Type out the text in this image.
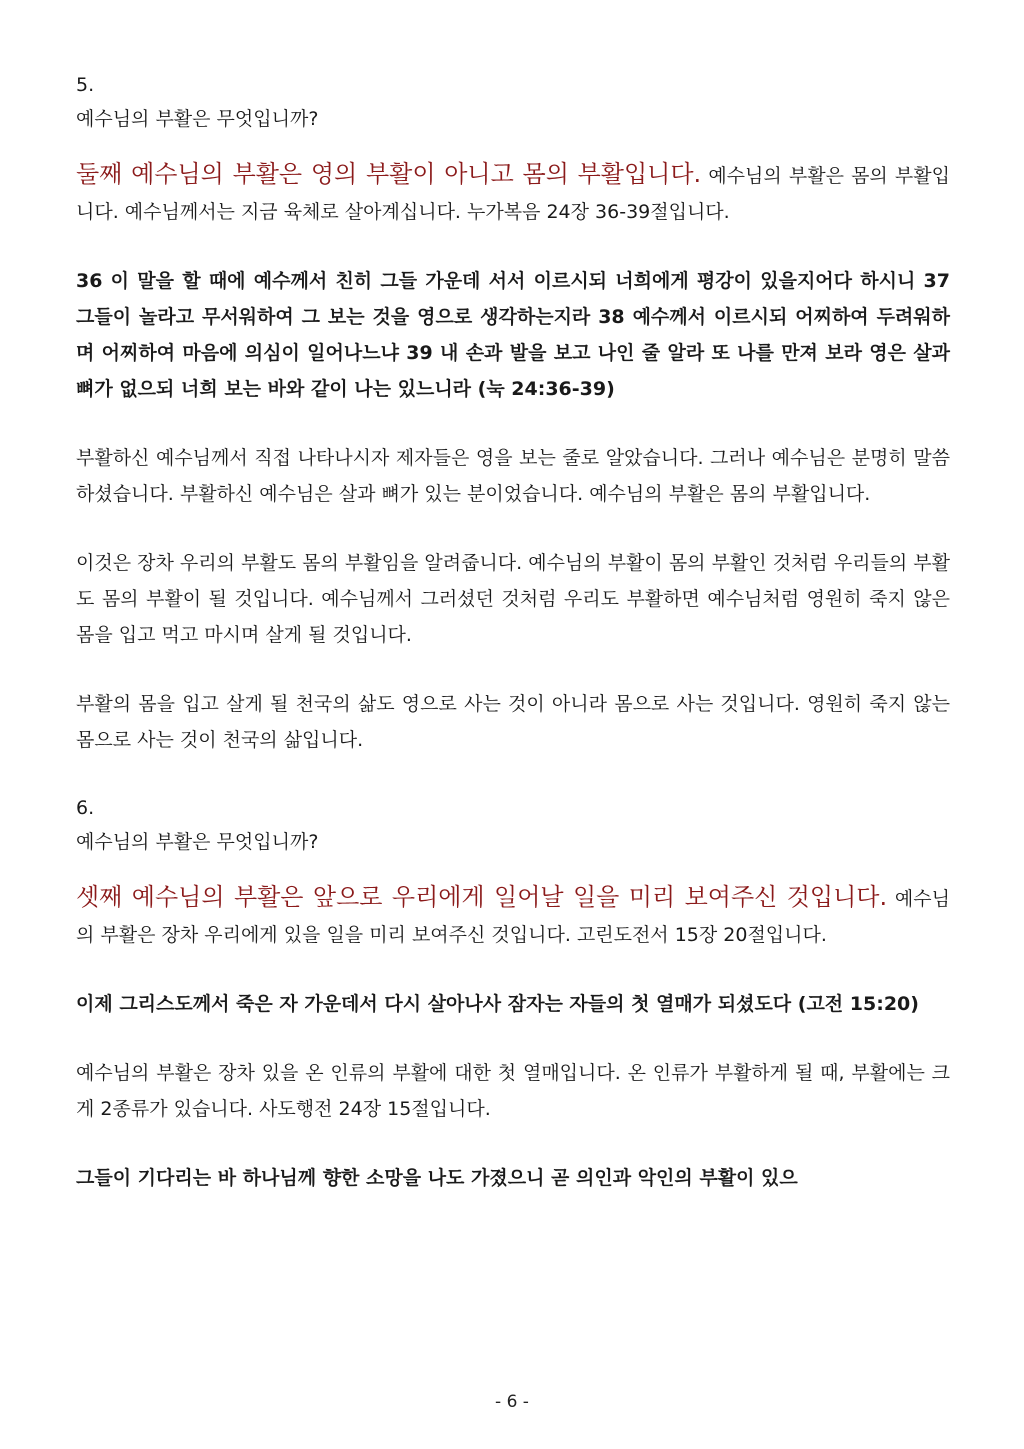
5.

예수님의 부활은 무엇입니까?

둘째 예수님의 부활은 영의 부활이 아니고 몸의 부활입니다. 예수님의 부활은 몸의 부활입니다. 예수님께서는 지금 육체로 살아계십니다. 누가복음 24장 36-39절입니다.

36 이 말을 할 때에 예수께서 친히 그들 가운데 서서 이르시되 너희에게 평강이 있을지어다 하시니 37 그들이 놀라고 무서워하여 그 보는 것을 영으로 생각하는지라 38 예수께서 이르시되 어찌하여 두려워하며 어찌하여 마음에 의심이 일어나느냐 39 내 손과 발을 보고 나인 줄 알라 또 나를 만져 보라 영은 살과 뼈가 없으되 너희 보는 바와 같이 나는 있느니라 (눅 24:36-39)

부활하신 예수님께서 직접 나타나시자 제자들은 영을 보는 줄로 알았습니다. 그러나 예수님은 분명히 말씀하셨습니다. 부활하신 예수님은 살과 뼈가 있는 분이었습니다. 예수님의 부활은 몸의 부활입니다.

이것은 장차 우리의 부활도 몸의 부활임을 알려줍니다. 예수님의 부활이 몸의 부활인 것처럼 우리들의 부활도 몸의 부활이 될 것입니다. 예수님께서 그러셨던 것처럼 우리도 부활하면 예수님처럼 영원히 죽지 않은 몸을 입고 먹고 마시며 살게 될 것입니다.

부활의 몸을 입고 살게 될 천국의 삶도 영으로 사는 것이 아니라 몸으로 사는 것입니다. 영원히 죽지 않는 몸으로 사는 것이 천국의 삶입니다.

6.

예수님의 부활은 무엇입니까?

셋째 예수님의 부활은 앞으로 우리에게 일어날 일을 미리 보여주신 것입니다. 예수님의 부활은 장차 우리에게 있을 일을 미리 보여주신 것입니다. 고린도전서 15장 20절입니다.

이제 그리스도께서 죽은 자 가운데서 다시 살아나사 잠자는 자들의 첫 열매가 되셨도다 (고전 15:20)

예수님의 부활은 장차 있을 온 인류의 부활에 대한 첫 열매입니다. 온 인류가 부활하게 될 때, 부활에는 크게 2종류가 있습니다. 사도행전 24장 15절입니다.

그들이 기다리는 바 하나님께 향한 소망을 나도 가졌으니 곧 의인과 악인의 부활이 있으

- 6 -
